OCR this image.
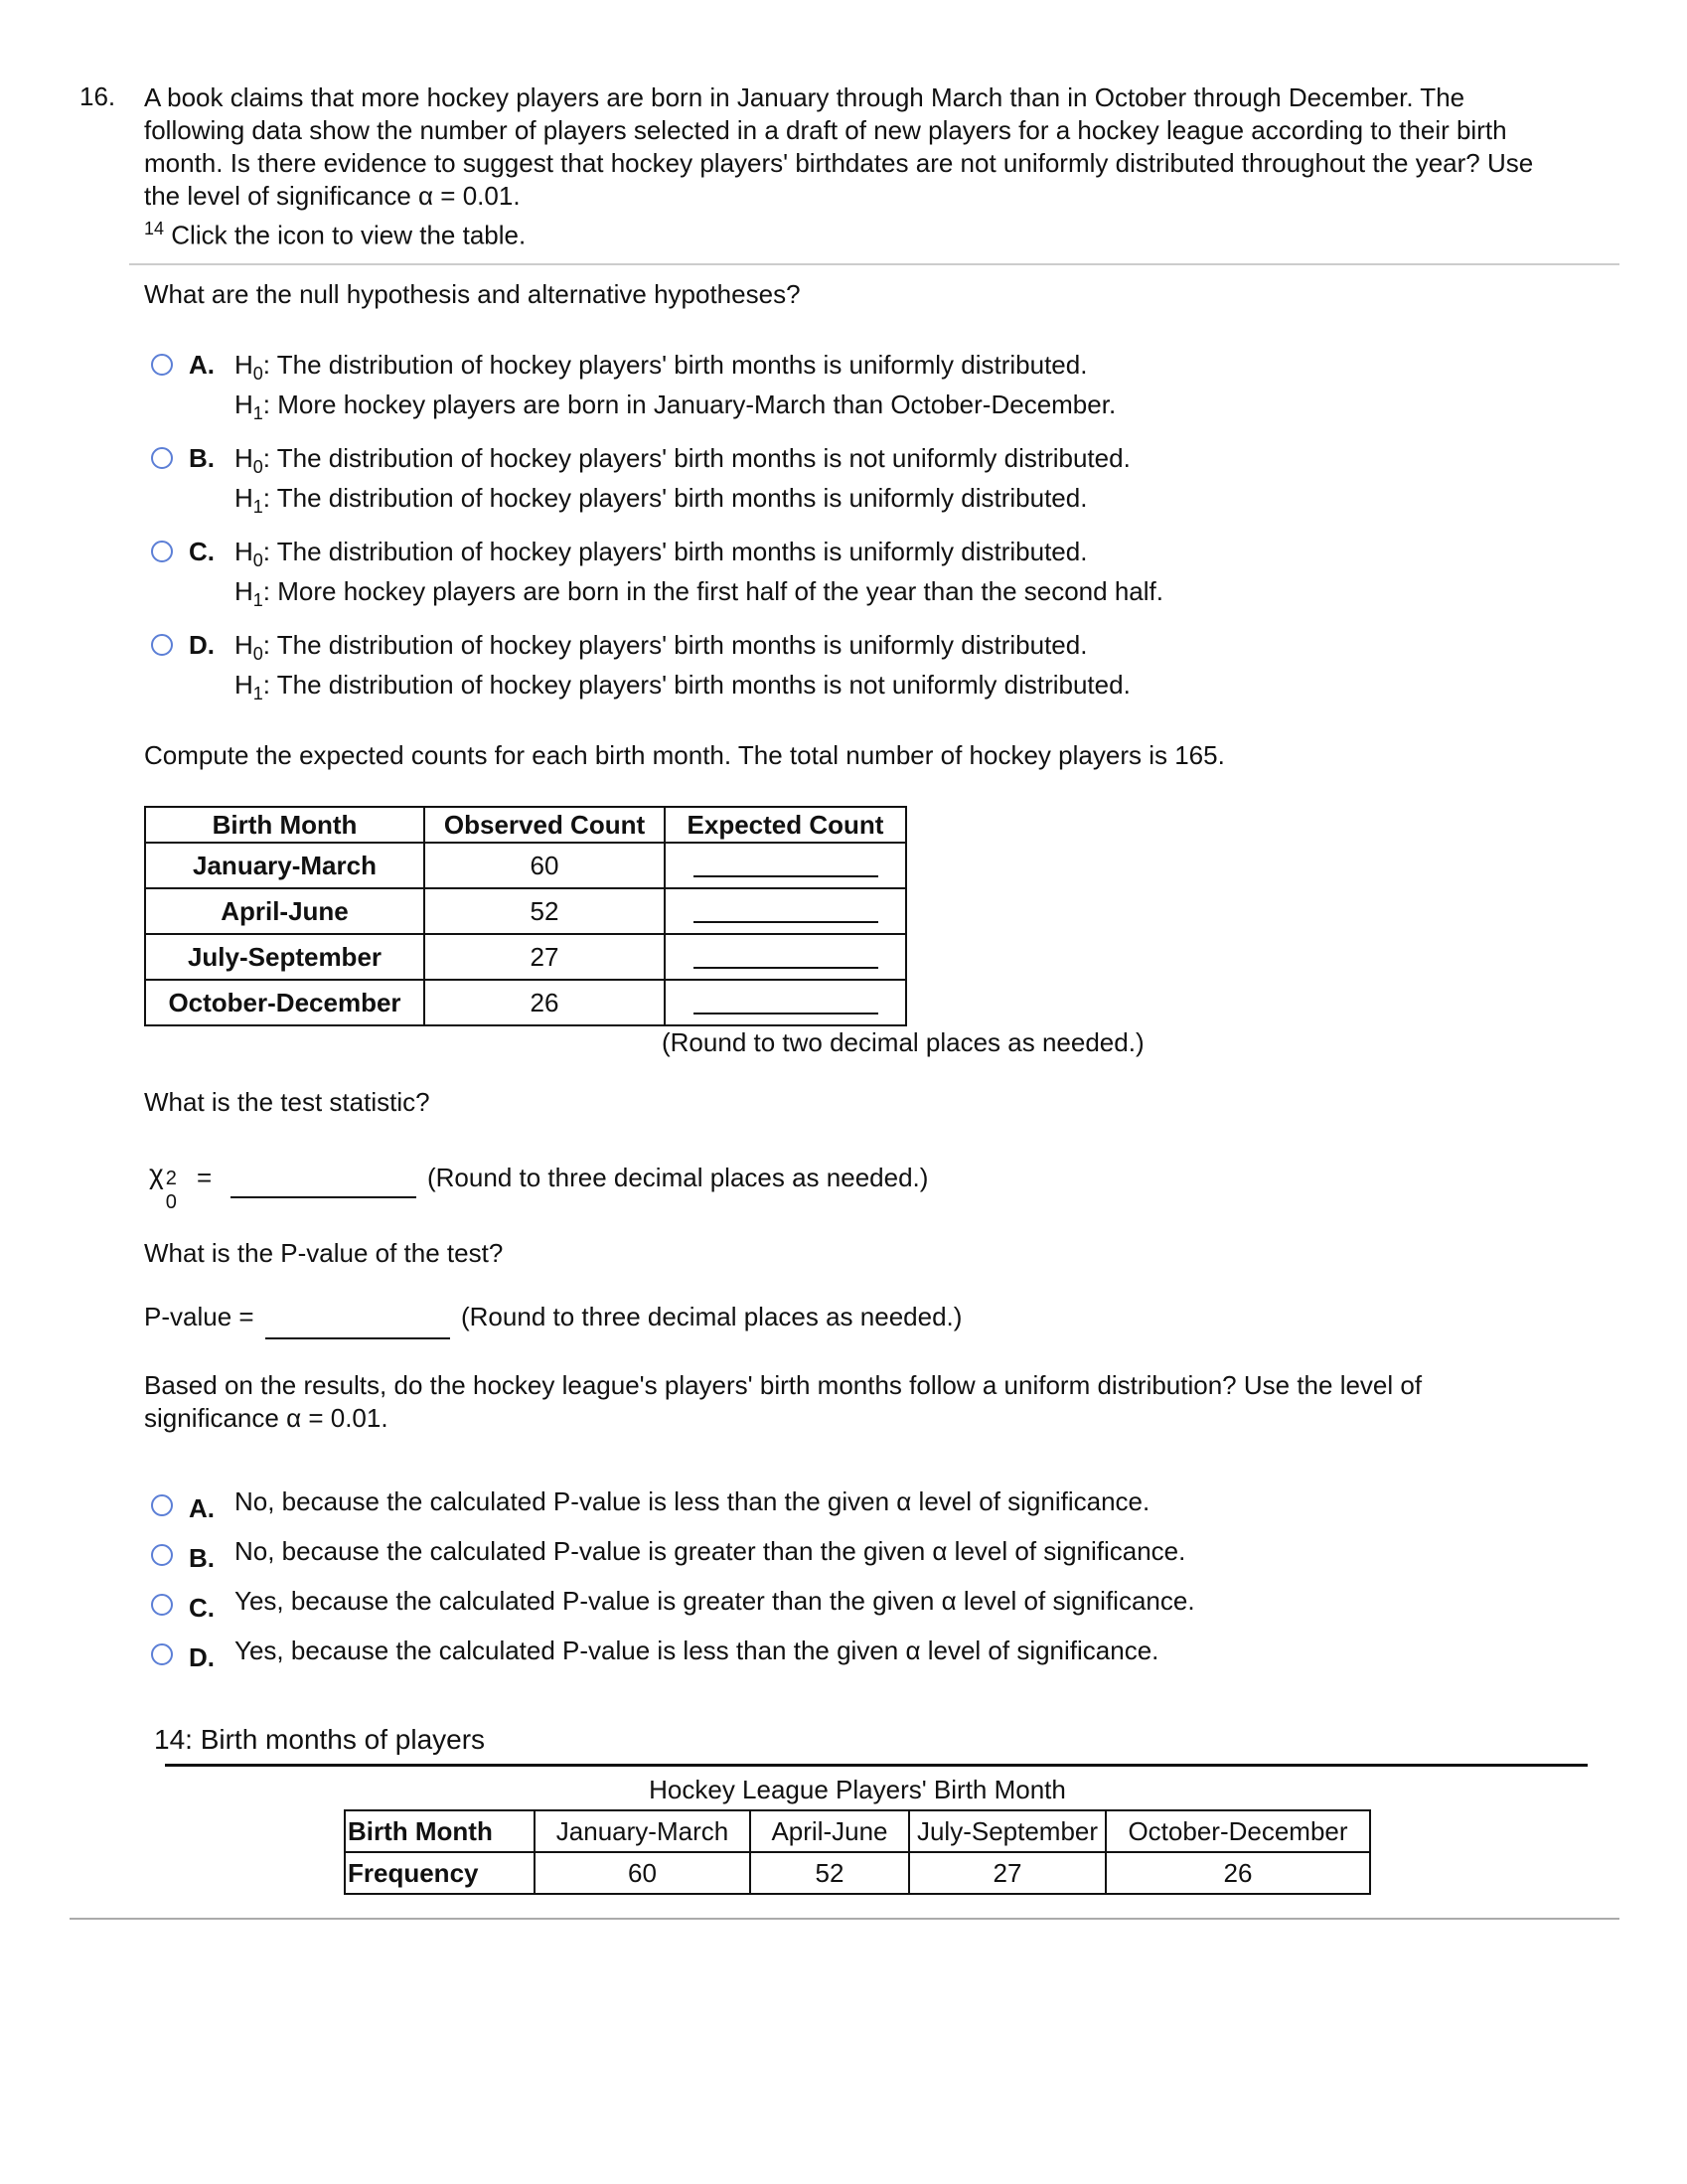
16. A book claims that more hockey players are born in January through March than in October through December. The
following data show the number of players selected in a draft of new players for a hockey league according to their birth
month. Is there evidence to suggest that hockey players' birthdates are not uniformly distributed throughout the year? Use
the level of significance α = 0.01.
$^{14}$ Click the icon to view the table.
What are the null hypothesis and alternative hypotheses?
A. $H_0$: The distribution of hockey players' birth months is uniformly distributed.
$H_1$: More hockey players are born in January-March than October-December.
B. $H_0$: The distribution of hockey players' birth months is not uniformly distributed.
$H_1$: The distribution of hockey players' birth months is uniformly distributed.
C. $H_0$: The distribution of hockey players' birth months is uniformly distributed.
$H_1$: More hockey players are born in the first half of the year than the second half.
D. $H_0$: The distribution of hockey players' birth months is uniformly distributed.
$H_1$: The distribution of hockey players' birth months is not uniformly distributed.
Compute the expected counts for each birth month. The total number of hockey players is 165.
Birth Month	Observed Count	Expected Count
January-March	60	
April-June	52	
July-September	27	
October-December	26	
(Round to two decimal places as needed.)
What is the test statistic?
χ 2
0
=	(Round to three decimal places as needed.)
What is the P-value of the test?
P-value =	(Round to three decimal places as needed.)
Based on the results, do the hockey league's players' birth months follow a uniform distribution? Use the level of
significance α = 0.01.
A. No, because the calculated P-value is less than the given α level of significance.
B. No, because the calculated P-value is greater than the given α level of significance.
C. Yes, because the calculated P-value is greater than the given α level of significance.
D. Yes, because the calculated P-value is less than the given α level of significance.
14: Birth months of players
Hockey League Players' Birth Month
Birth Month	January-March	April-June	July-September	October-December
Frequency	60	52	27	26
